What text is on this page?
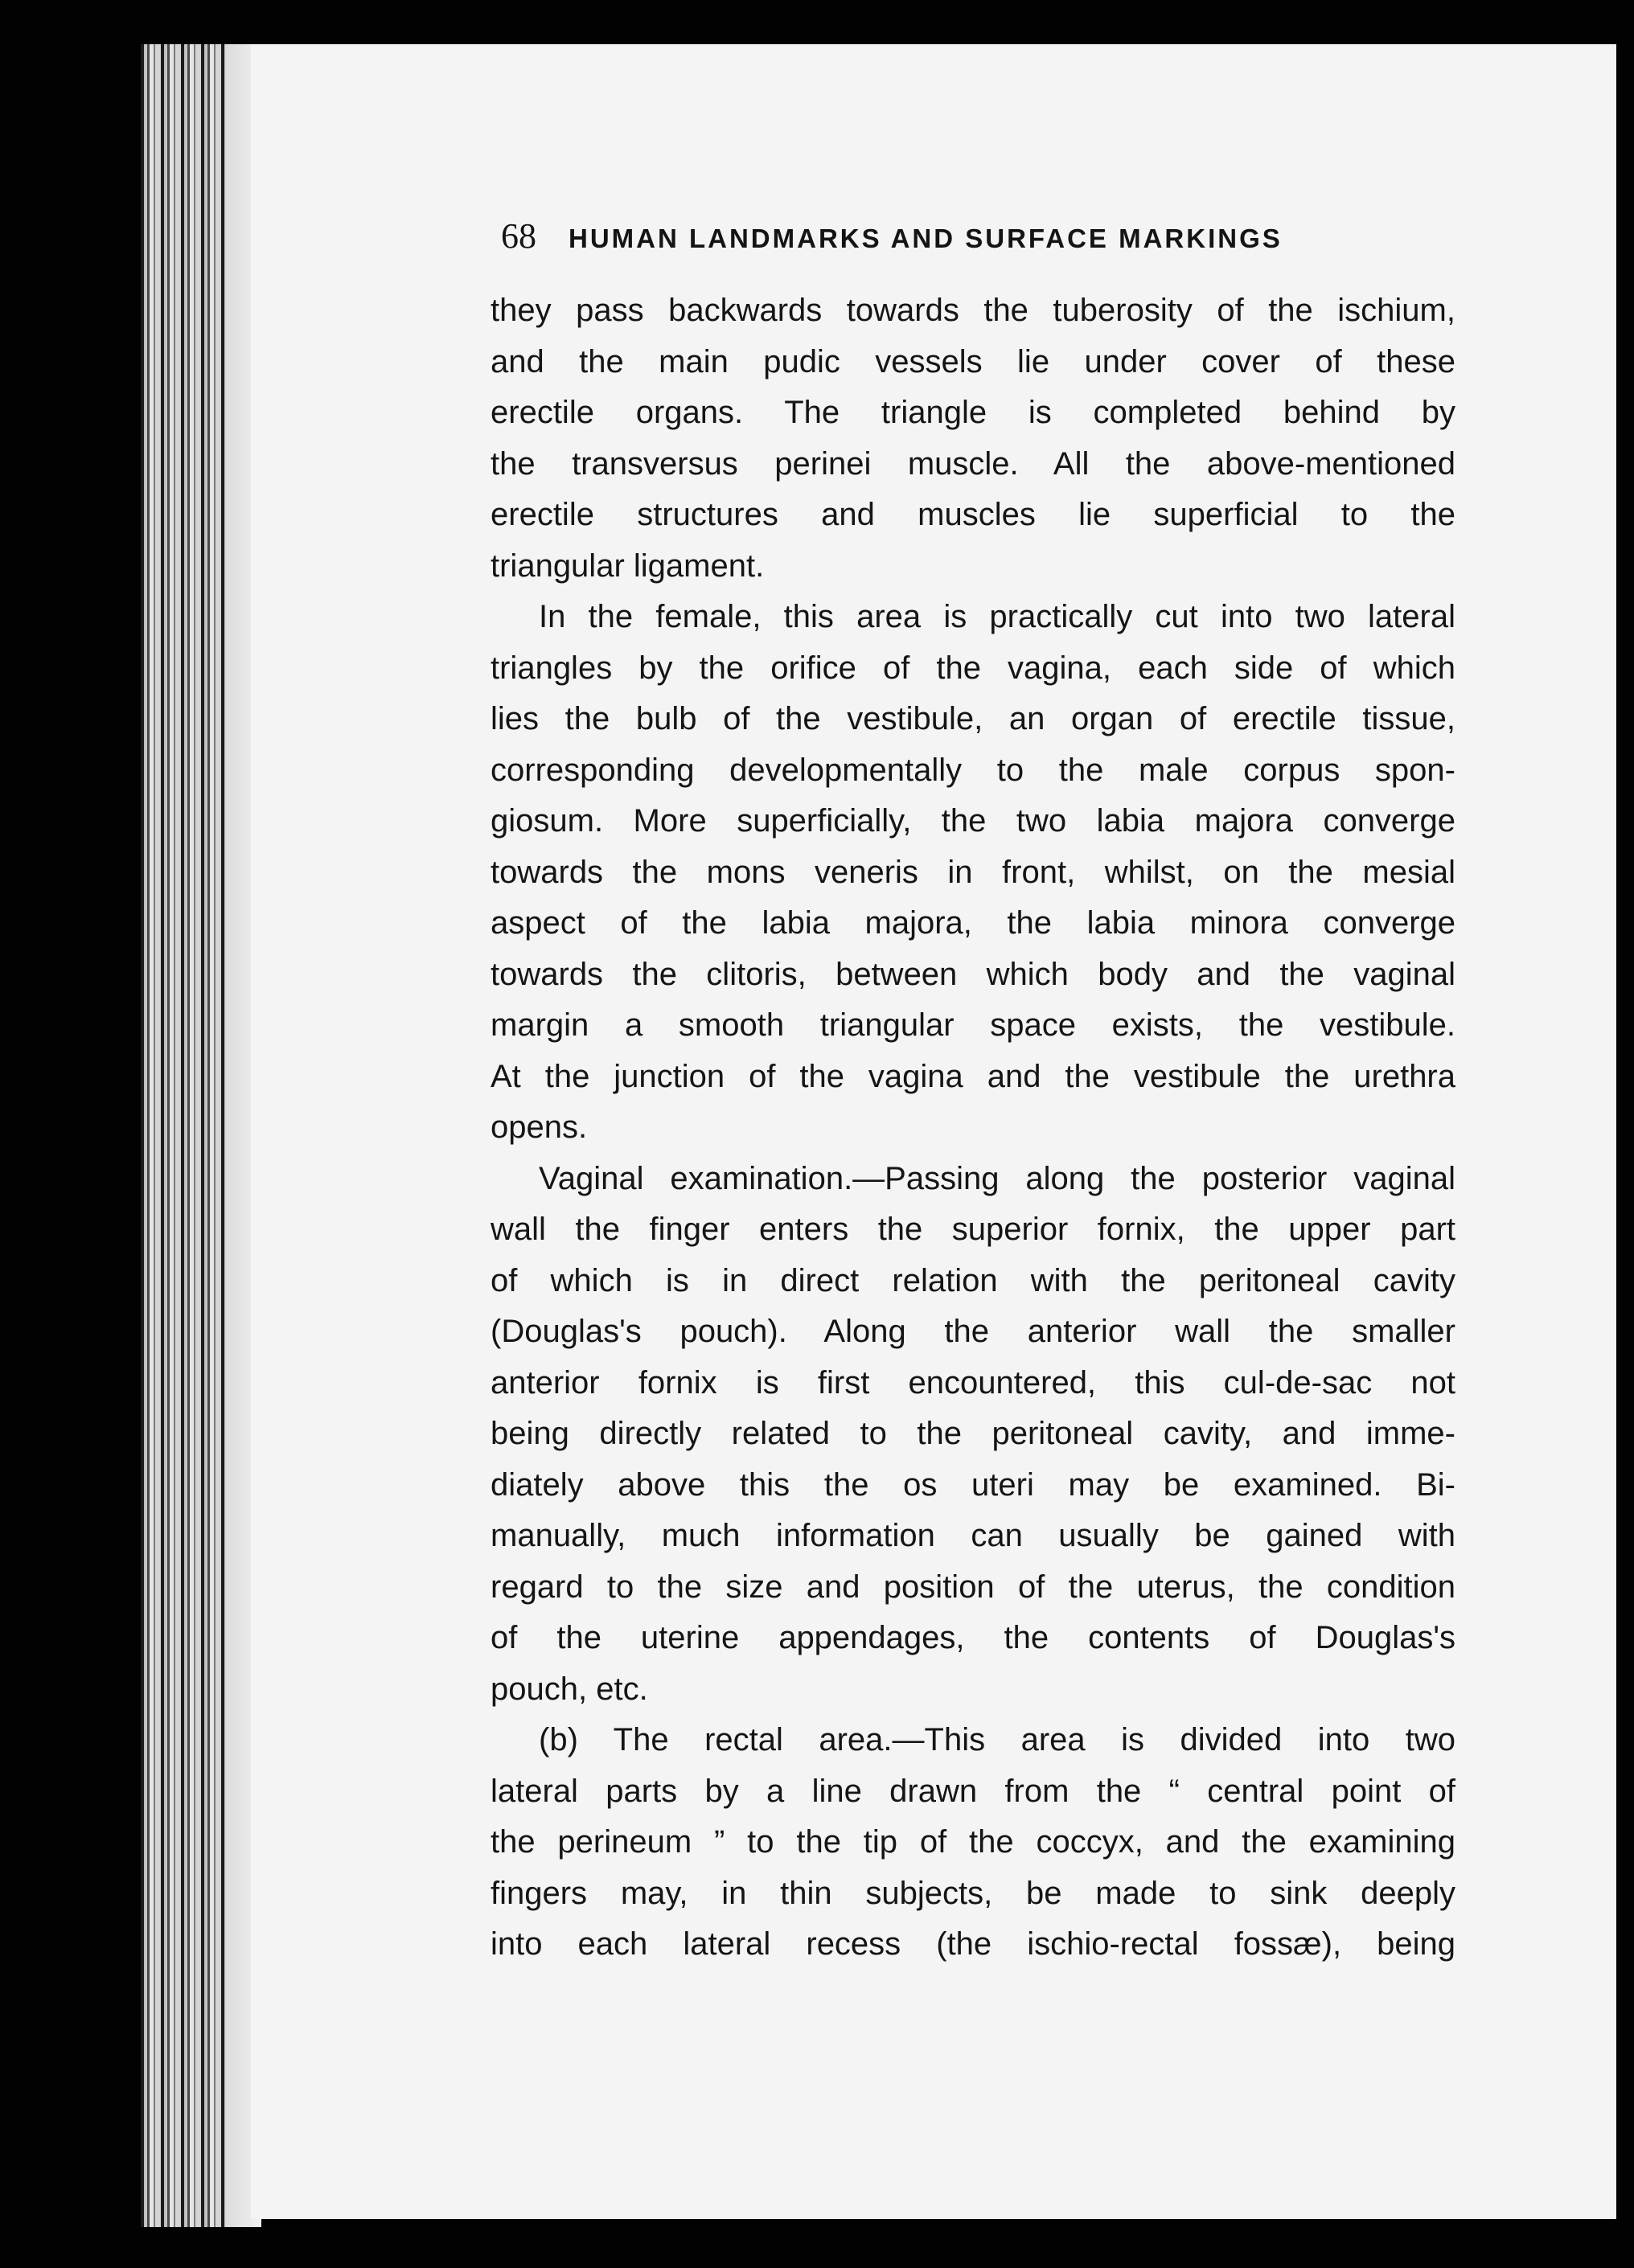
68 HUMAN LANDMARKS AND SURFACE MARKINGS
they pass backwards towards the tuberosity of the ischium,
and the main pudic vessels lie under cover of these
erectile organs. The triangle is completed behind by
the transversus perinei muscle. All the above-mentioned
erectile structures and muscles lie superficial to the
triangular ligament.
In the female, this area is practically cut into two lateral
triangles by the orifice of the vagina, each side of which
lies the bulb of the vestibule, an organ of erectile tissue,
corresponding developmentally to the male corpus spon-
giosum. More superficially, the two labia majora converge
towards the mons veneris in front, whilst, on the mesial
aspect of the labia majora, the labia minora converge
towards the clitoris, between which body and the vaginal
margin a smooth triangular space exists, the vestibule.
At the junction of the vagina and the vestibule the urethra
opens.
Vaginal examination.—Passing along the posterior vaginal
wall the finger enters the superior fornix, the upper part
of which is in direct relation with the peritoneal cavity
(Douglas's pouch). Along the anterior wall the smaller
anterior fornix is first encountered, this cul-de-sac not
being directly related to the peritoneal cavity, and imme-
diately above this the os uteri may be examined. Bi-
manually, much information can usually be gained with
regard to the size and position of the uterus, the condition
of the uterine appendages, the contents of Douglas's
pouch, etc.
(b) The rectal area.—This area is divided into two
lateral parts by a line drawn from the “ central point of
the perineum ” to the tip of the coccyx, and the examining
fingers may, in thin subjects, be made to sink deeply
into each lateral recess (the ischio-rectal fossæ), being
